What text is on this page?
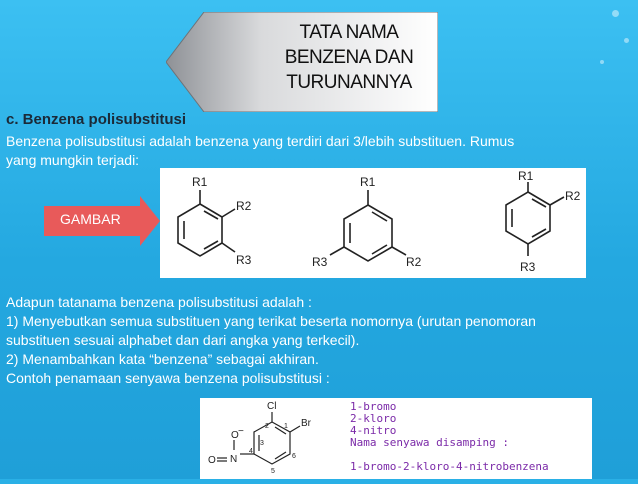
TATA NAMA
BENZENA DAN
TURUNANNYA
c. Benzena polisubstitusi
Benzena polisubstitusi adalah benzena yang terdiri dari 3/lebih substituen. Rumus
yang mungkin terjadi:
R1
R2
R3
R1
R2
R3
R1
R2
R3
GAMBAR
Adapun tatanama benzena polisubstitusi adalah :
1) Menyebutkan semua substituen yang terikat beserta nomornya (urutan penomoran
substituen sesuai alphabet dan dari angka yang terkecil).
2) Menambahkan kata “benzena” sebagai akhiran.
Contoh penamaan senyawa benzena polisubstitusi :
Cl
Br
N
O
O −	1
2
3
4
5
6
1-bromo
2-kloro
4-nitro
Nama senyawa disamping :
1-bromo-2-kloro-4-nitrobenzena
